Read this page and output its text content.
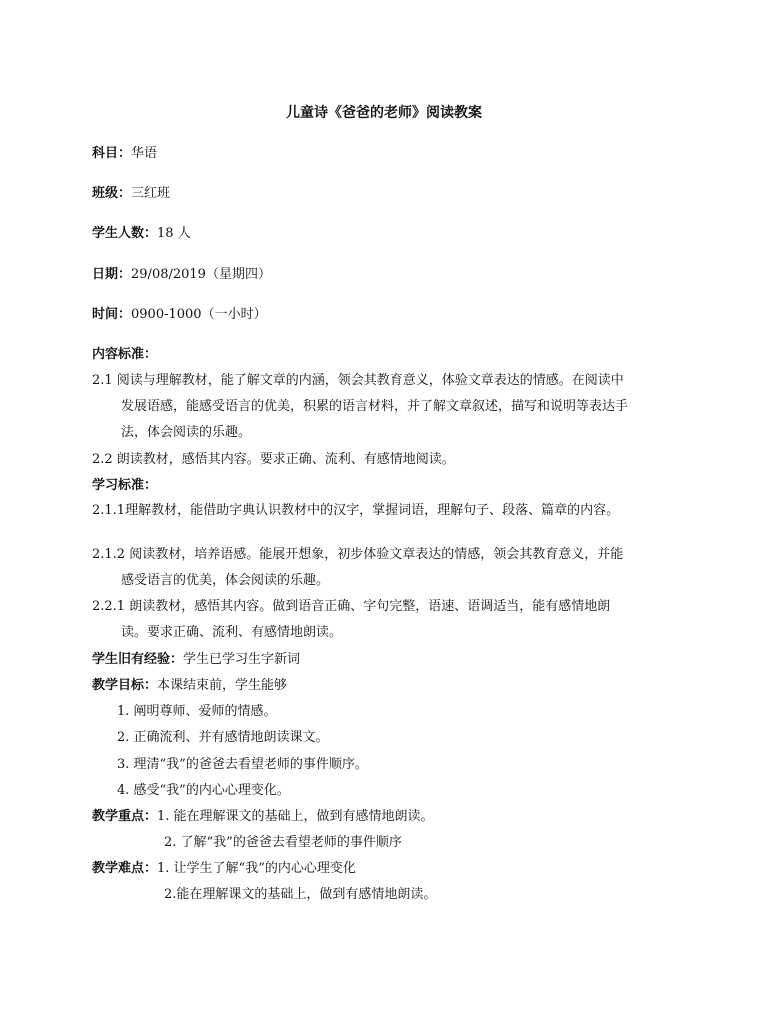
儿童诗《爸爸的老师》阅读教案
科目：华语
班级：三红班
学生人数：18 人
日期：29/08/2019（星期四）
时间：0900-1000（一小时）
内容标准：
2.1 阅读与理解教材，能了解文章的内涵，领会其教育意义，体验文章表达的情感。在阅读中
发展语感，能感受语言的优美，积累的语言材料，并了解文章叙述，描写和说明等表达手
法，体会阅读的乐趣。
2.2 朗读教材，感悟其内容。要求正确、流利、有感情地阅读。
学习标准：
2.1.1理解教材，能借助字典认识教材中的汉字，掌握词语，理解句子、段落、篇章的内容。
2.1.2 阅读教材，培养语感。能展开想象，初步体验文章表达的情感，领会其教育意义，并能
感受语言的优美，体会阅读的乐趣。
2.2.1 朗读教材，感悟其内容。做到语音正确、字句完整，语速、语调适当，能有感情地朗
读。要求正确、流利、有感情地朗读。
学生旧有经验：学生已学习生字新词
教学目标：本课结束前，学生能够
1. 阐明尊师、爱师的情感。
2. 正确流利、并有感情地朗读课文。
3. 理清“我”的爸爸去看望老师的事件顺序。
4. 感受“我”的内心心理变化。
教学重点：1. 能在理解课文的基础上，做到有感情地朗读。
2. 了解“我”的爸爸去看望老师的事件顺序
教学难点：1. 让学生了解“我”的内心心理变化
2.能在理解课文的基础上，做到有感情地朗读。
